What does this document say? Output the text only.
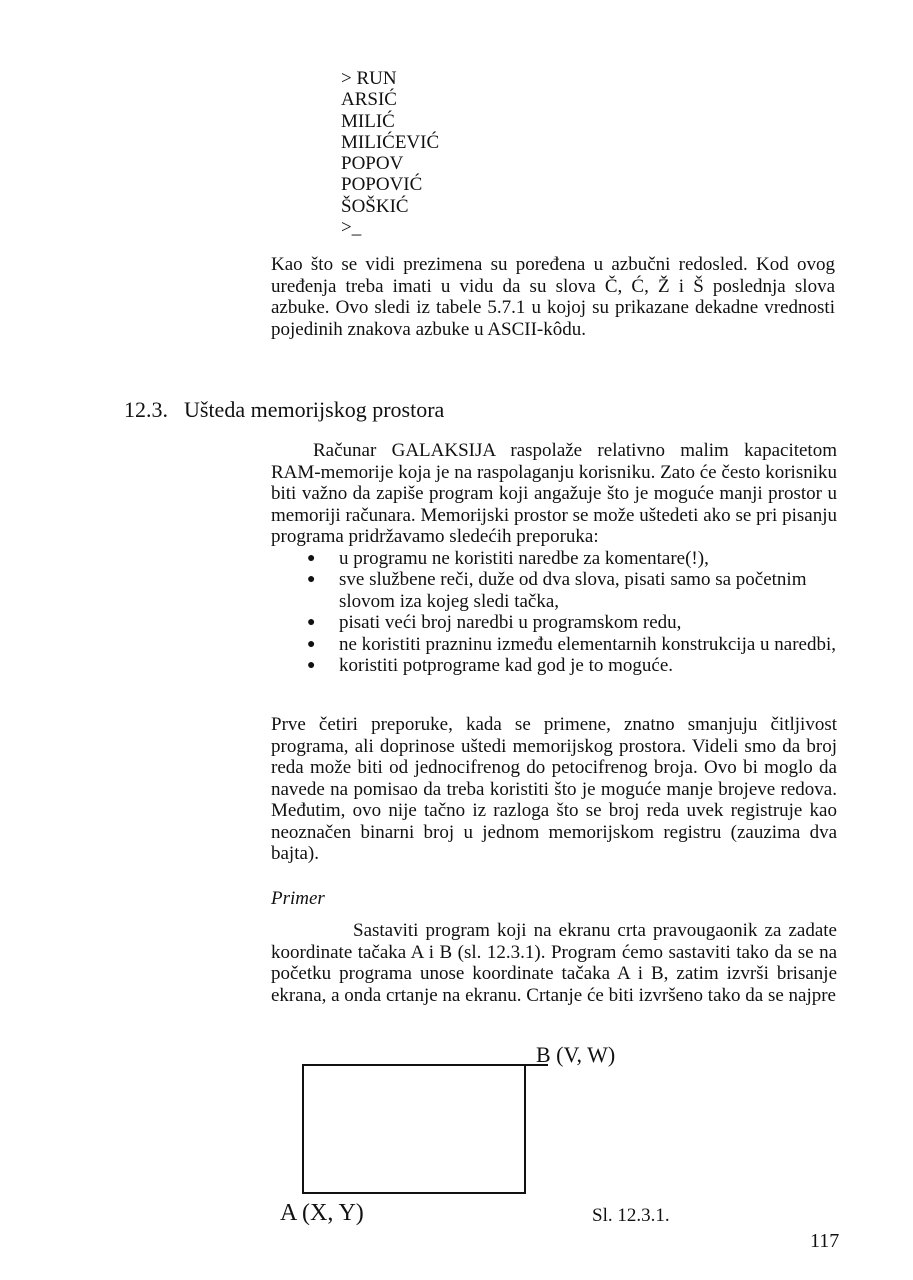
> RUN
ARSIĆ
MILIĆ
MILIĆEVIĆ
POPOV
POPOVIĆ
ŠOŠKIĆ
>_

Kao što se vidi prezimena su poređena u azbučni redosled. Kod ovog uređenja treba imati u vidu da su slova Č, Ć, Ž i Š poslednja slova azbuke. Ovo sledi iz tabele 5.7.1 u kojoj su prikazane dekadne vrednosti pojedinih znakova azbuke u ASCII-kôdu.

12.3. Ušteda memorijskog prostora

Računar GALAKSIJA raspolaže relativno malim kapacitetom RAM-memorije koja je na raspolaganju korisniku. Zato će često korisniku biti važno da zapiše program koji angažuje što je moguće manji prostor u memoriji računara. Memorijski prostor se može uštedeti ako se pri pisanju programa pridržavamo sledećih preporuka:

● u programu ne koristiti naredbe za komentare(!),
● sve službene reči, duže od dva slova, pisati samo sa početnim slovom iza kojeg sledi tačka,
● pisati veći broj naredbi u programskom redu,
● ne koristiti prazninu između elementarnih konstrukcija u naredbi,
● koristiti potprograme kad god je to moguće.

Prve četiri preporuke, kada se primene, znatno smanjuju čitljivost programa, ali doprinose uštedi memorijskog prostora. Videli smo da broj reda može biti od jednocifrenog do petocifrenog broja. Ovo bi moglo da navede na pomisao da treba koristiti što je moguće manje brojeve redova. Međutim, ovo nije tačno iz razloga što se broj reda uvek registruje kao neoznačen binarni broj u jednom memorijskom registru (zauzima dva bajta).

Primer

Sastaviti program koji na ekranu crta pravougaonik za zadate koordinate tačaka A i B (sl. 12.3.1). Program ćemo sastaviti tako da se na početku programa unose koordinate tačaka A i B, zatim izvrši brisanje ekrana, a onda crtanje na ekranu. Crtanje će biti izvršeno tako da se najpre

B (V, W)
A (X, Y)	Sl. 12.3.1.
117
